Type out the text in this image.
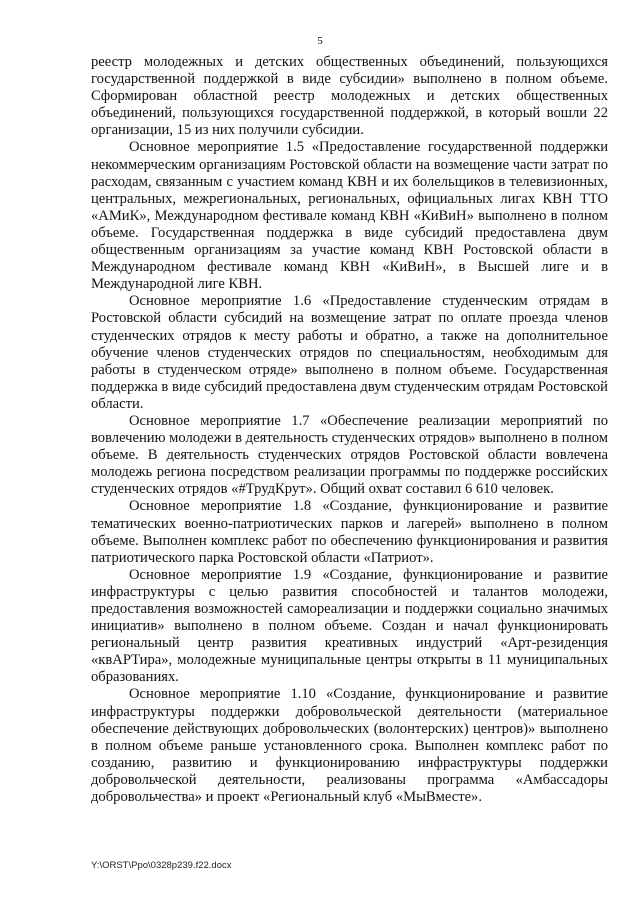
5

реестр молодежных и детских общественных объединений, пользующихся государственной поддержкой в виде субсидии» выполнено в полном объеме. Сформирован областной реестр молодежных и детских общественных объединений, пользующихся государственной поддержкой, в который вошли 22 организации, 15 из них получили субсидии.

Основное мероприятие 1.5 «Предоставление государственной поддержки некоммерческим организациям Ростовской области на возмещение части затрат по расходам, связанным с участием команд КВН и их болельщиков в телевизионных, центральных, межрегиональных, региональных, официальных лигах КВН ТТО «АМиК», Международном фестивале команд КВН «КиВиН» выполнено в полном объеме. Государственная поддержка в виде субсидий предоставлена двум общественным организациям за участие команд КВН Ростовской области в Международном фестивале команд КВН «КиВиН», в Высшей лиге и в Международной лиге КВН.

Основное мероприятие 1.6 «Предоставление студенческим отрядам в Ростовской области субсидий на возмещение затрат по оплате проезда членов студенческих отрядов к месту работы и обратно, а также на дополнительное обучение членов студенческих отрядов по специальностям, необходимым для работы в студенческом отряде» выполнено в полном объеме. Государственная поддержка в виде субсидий предоставлена двум студенческим отрядам Ростовской области.

Основное мероприятие 1.7 «Обеспечение реализации мероприятий по вовлечению молодежи в деятельность студенческих отрядов» выполнено в полном объеме. В деятельность студенческих отрядов Ростовской области вовлечена молодежь региона посредством реализации программы по поддержке российских студенческих отрядов «#ТрудКрут». Общий охват составил 6 610 человек.

Основное мероприятие 1.8 «Создание, функционирование и развитие тематических военно-патриотических парков и лагерей» выполнено в полном объеме. Выполнен комплекс работ по обеспечению функционирования и развития патриотического парка Ростовской области «Патриот».

Основное мероприятие 1.9 «Создание, функционирование и развитие инфраструктуры с целью развития способностей и талантов молодежи, предоставления возможностей самореализации и поддержки социально значимых инициатив» выполнено в полном объеме. Создан и начал функционировать региональный центр развития креативных индустрий «Арт-резиденция «квАРТира», молодежные муниципальные центры открыты в 11 муниципальных образованиях.

Основное мероприятие 1.10 «Создание, функционирование и развитие инфраструктуры поддержки добровольческой деятельности (материальное обеспечение действующих добровольческих (волонтерских) центров)» выполнено в полном объеме раньше установленного срока. Выполнен комплекс работ по созданию, развитию и функционированию инфраструктуры поддержки добровольческой деятельности, реализованы программа «Амбассадоры добровольчества» и проект «Региональный клуб «МыВместе».

Y:\ORST\Ppo\0328p239.f22.docx
